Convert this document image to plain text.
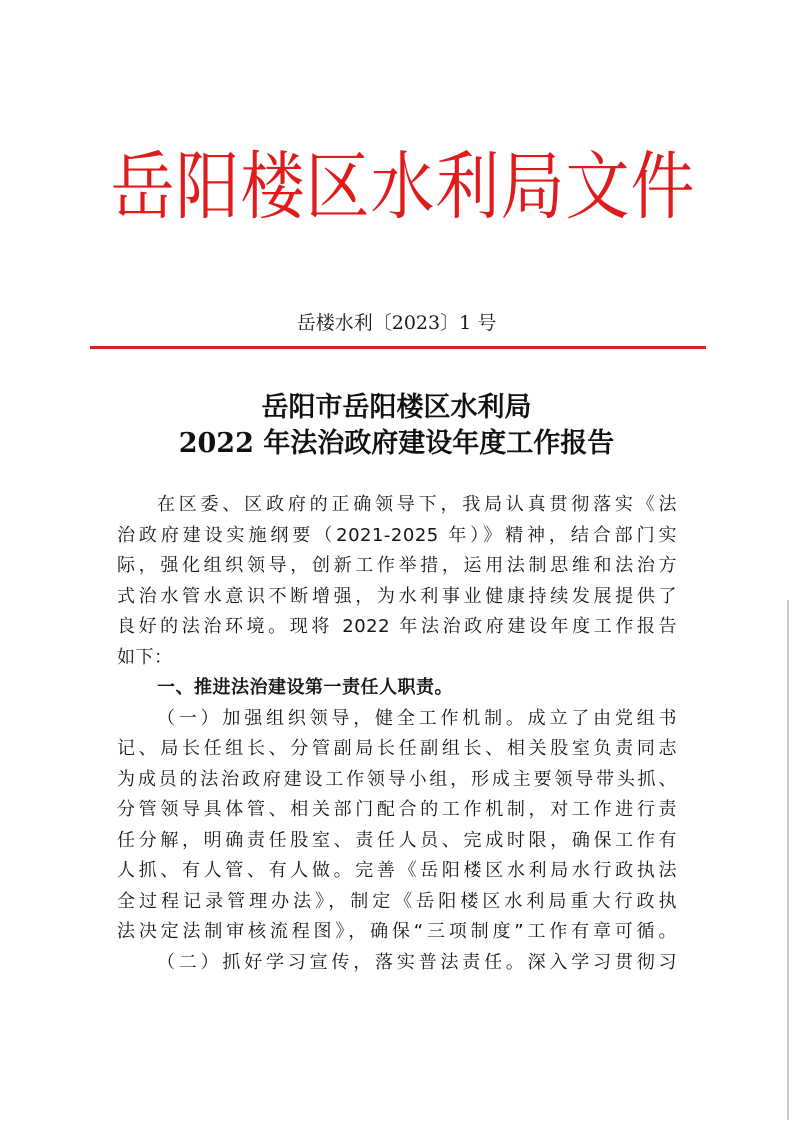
岳阳楼区水利局文件
岳楼水利〔2023〕1 号
岳阳市岳阳楼区水利局
2022 年法治政府建设年度工作报告
在区委、区政府的正确领导下，我局认真贯彻落实《法
治政府建设实施纲要（2021-2025 年）》精神，结合部门实
际，强化组织领导，创新工作举措，运用法制思维和法治方
式治水管水意识不断增强，为水利事业健康持续发展提供了
良好的法治环境。现将 2022 年法治政府建设年度工作报告
如下：
一、推进法治建设第一责任人职责。
（一）加强组织领导，健全工作机制。成立了由党组书
记、局长任组长、分管副局长任副组长、相关股室负责同志
为成员的法治政府建设工作领导小组，形成主要领导带头抓、
分管领导具体管、相关部门配合的工作机制，对工作进行责
任分解，明确责任股室、责任人员、完成时限，确保工作有
人抓、有人管、有人做。完善《岳阳楼区水利局水行政执法
全过程记录管理办法》，制定《岳阳楼区水利局重大行政执
法决定法制审核流程图》，确保“三项制度”工作有章可循。
（二）抓好学习宣传，落实普法责任。深入学习贯彻习
